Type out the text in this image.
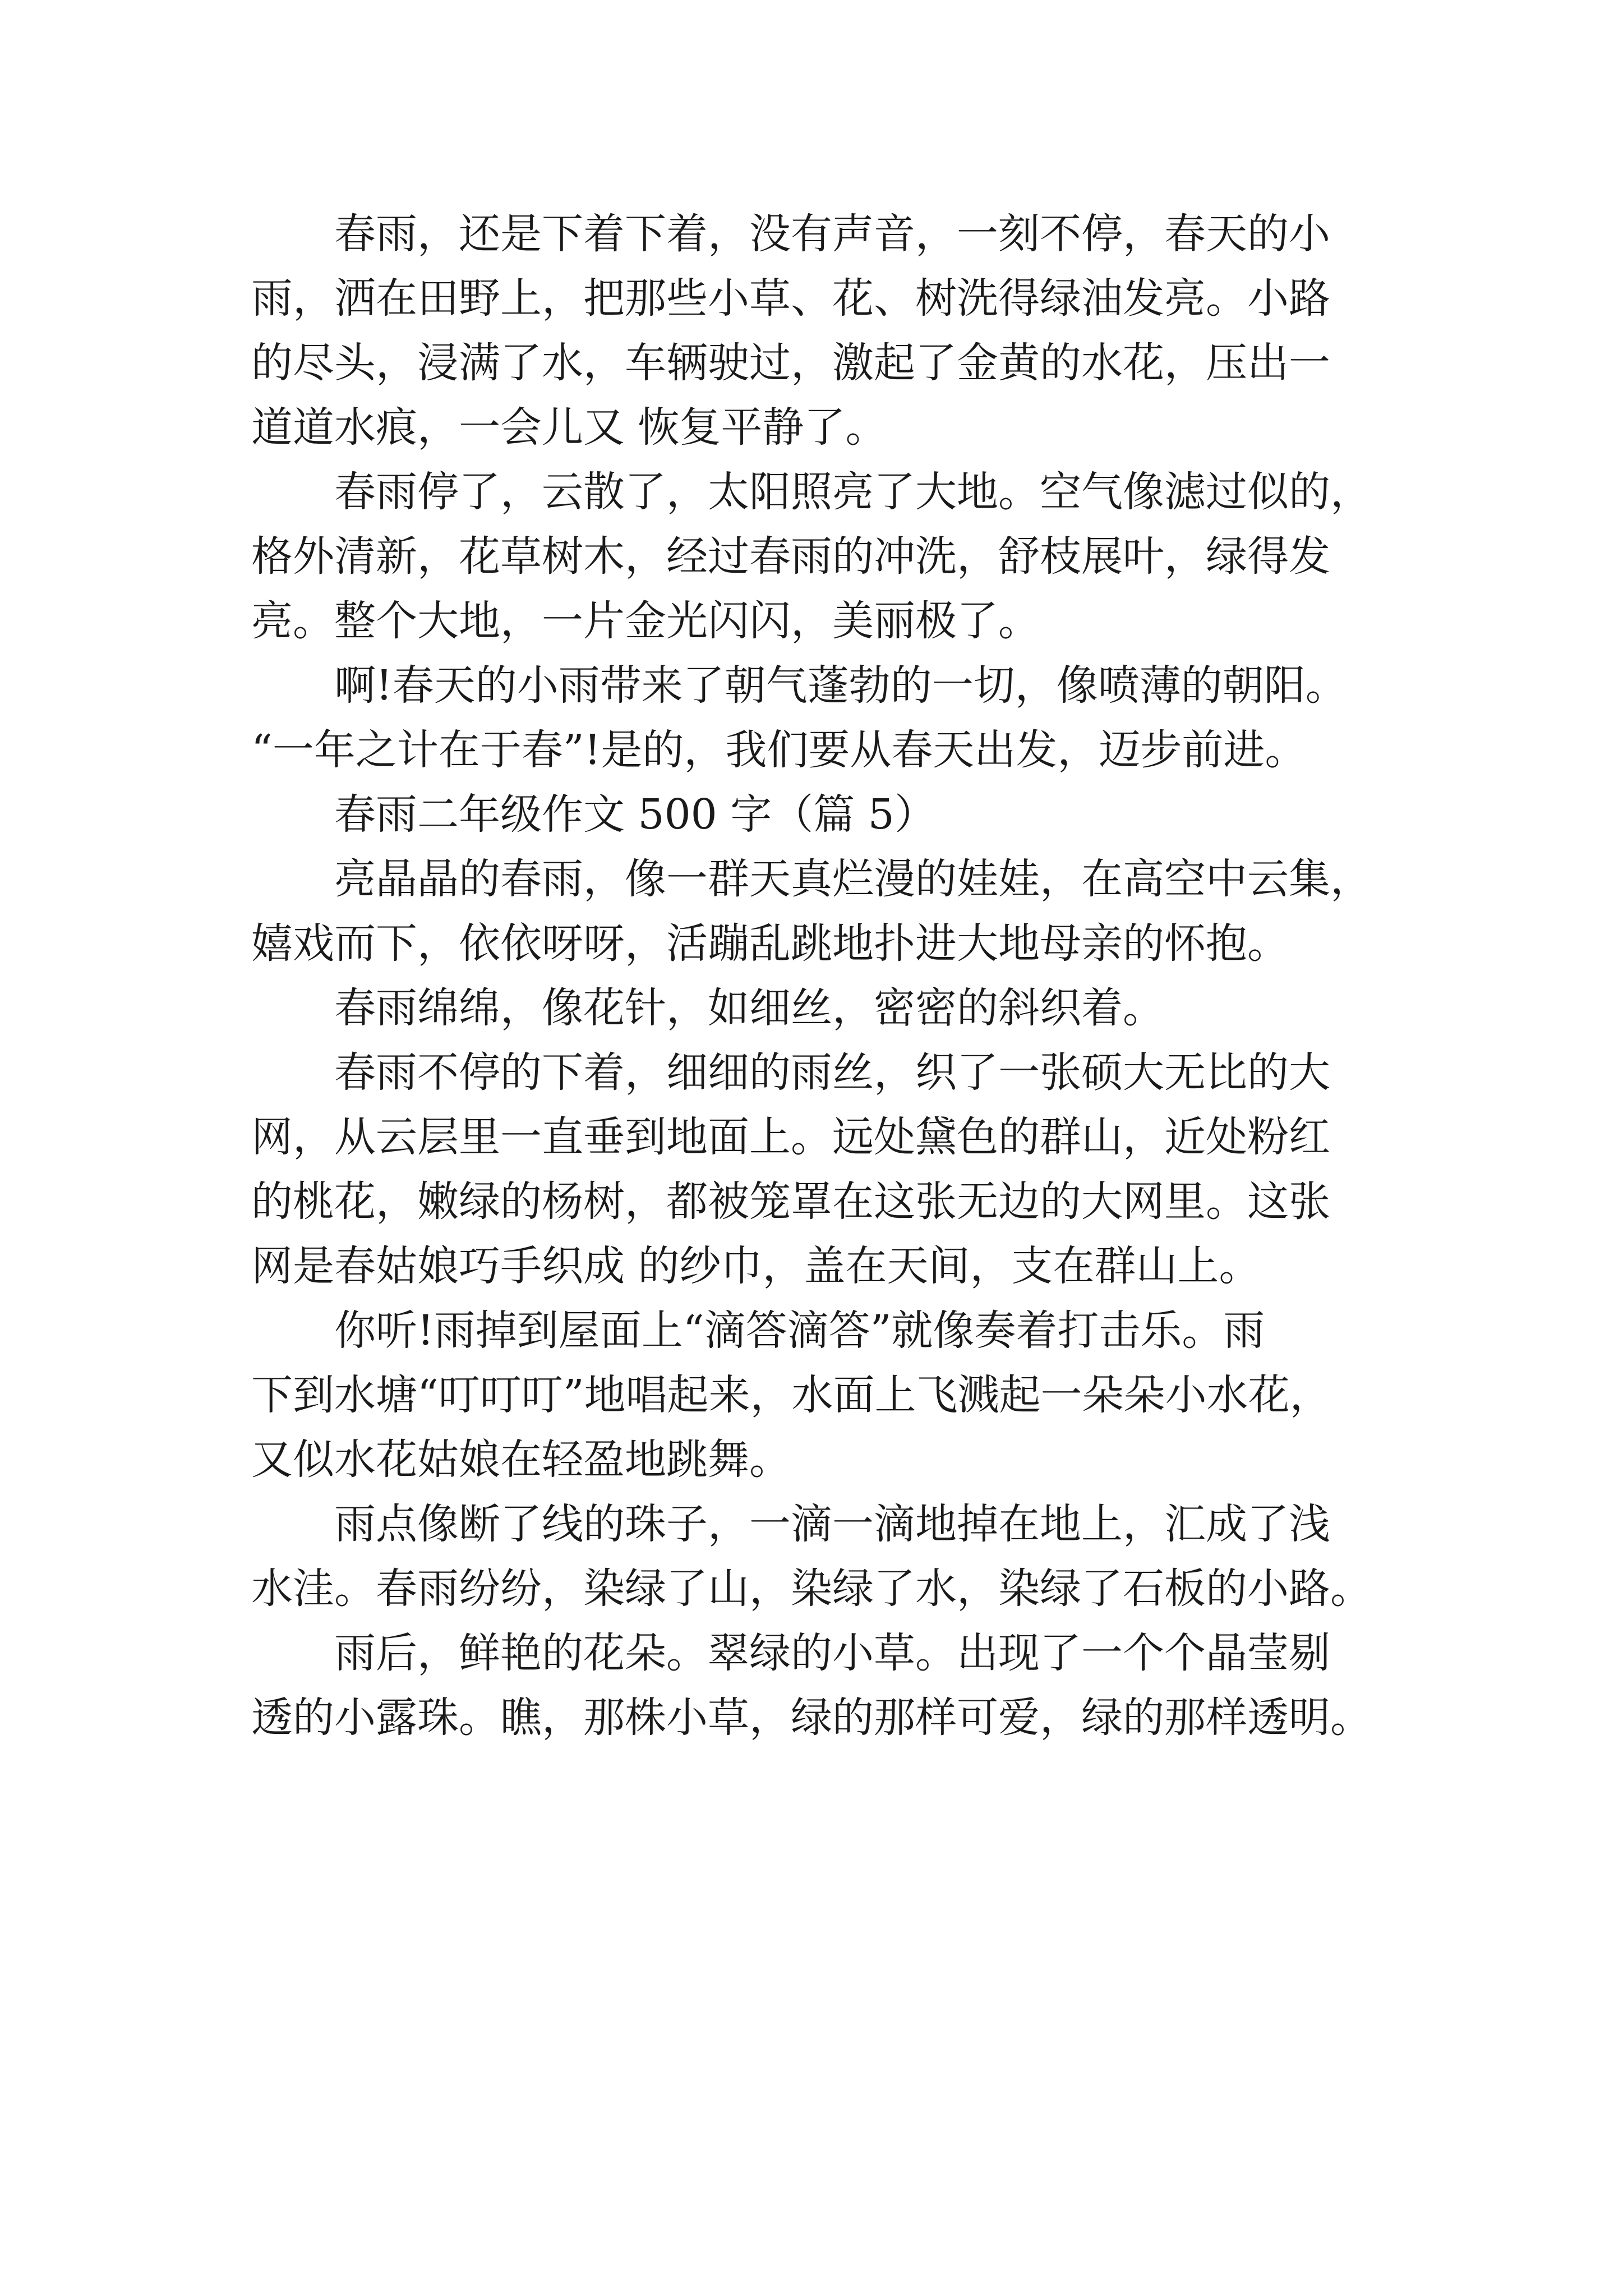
　　春雨，还是下着下着，没有声音，一刻不停，春天的小
雨，洒在田野上，把那些小草、花、树洗得绿油发亮。小路
的尽头，浸满了水，车辆驶过，激起了金黄的水花，压出一
道道水痕，一会儿又 恢复平静了。

　　春雨停了，云散了，太阳照亮了大地。空气像滤过似的，
格外清新，花草树木，经过春雨的冲洗，舒枝展叶，绿得发
亮。整个大地，一片金光闪闪，美丽极了。

　　啊!春天的小雨带来了朝气蓬勃的一切，像喷薄的朝阳。
“一年之计在于春”!是的，我们要从春天出发，迈步前进。

　　春雨二年级作文 500 字（篇 5）

　　亮晶晶的春雨，像一群天真烂漫的娃娃，在高空中云集，
嬉戏而下，依依呀呀，活蹦乱跳地扑进大地母亲的怀抱。

　　春雨绵绵，像花针，如细丝，密密的斜织着。

　　春雨不停的下着，细细的雨丝，织了一张硕大无比的大
网，从云层里一直垂到地面上。远处黛色的群山，近处粉红
的桃花，嫩绿的杨树，都被笼罩在这张无边的大网里。这张
网是春姑娘巧手织成 的纱巾，盖在天间，支在群山上。

　　你听!雨掉到屋面上“滴答滴答”就像奏着打击乐。雨
下到水塘“叮叮叮”地唱起来，水面上飞溅起一朵朵小水花，
又似水花姑娘在轻盈地跳舞。

　　雨点像断了线的珠子，一滴一滴地掉在地上，汇成了浅
水洼。春雨纷纷，染绿了山，染绿了水，染绿了石板的小路。

　　雨后，鲜艳的花朵。翠绿的小草。出现了一个个晶莹剔
透的小露珠。瞧，那株小草，绿的那样可爱，绿的那样透明。
